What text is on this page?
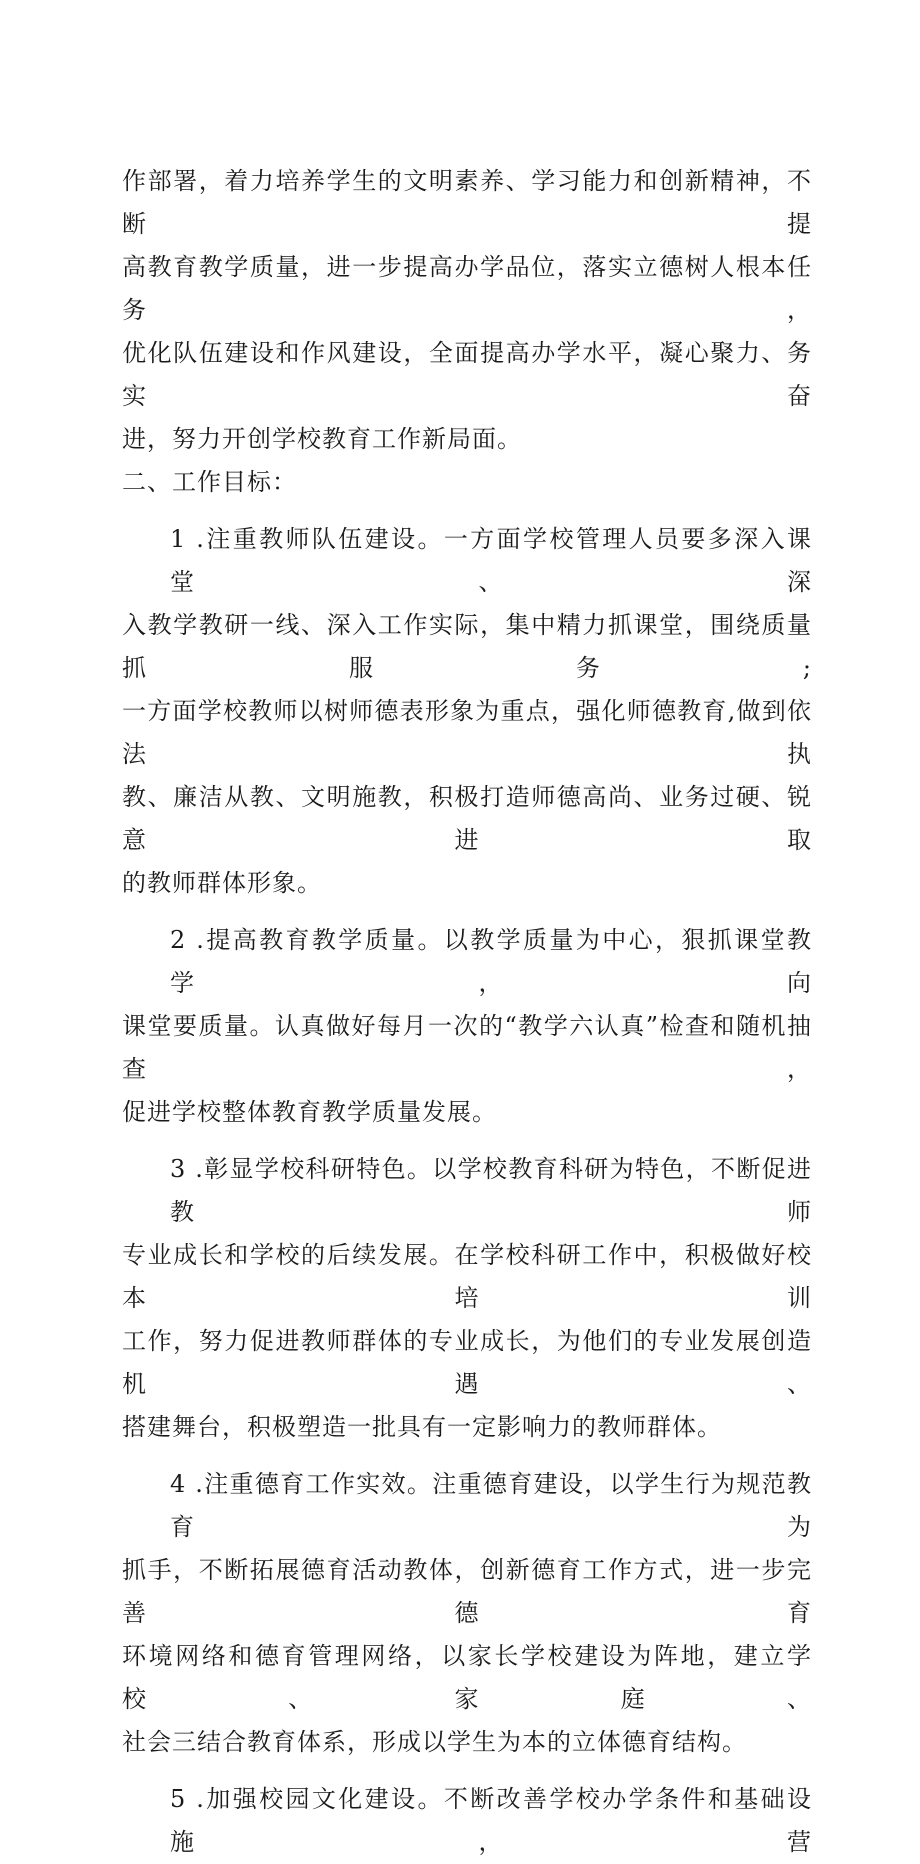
作部署，着力培养学生的文明素养、学习能力和创新精神，不断提
高教育教学质量，进一步提高办学品位，落实立德树人根本任务，
优化队伍建设和作风建设，全面提高办学水平，凝心聚力、务实奋
进，努力开创学校教育工作新局面。

二、工作目标：

1 .注重教师队伍建设。一方面学校管理人员要多深入课堂、深
入教学教研一线、深入工作实际，集中精力抓课堂，围绕质量抓服务;
一方面学校教师以树师德表形象为重点，强化师德教育,做到依法执
教、廉洁从教、文明施教，积极打造师德高尚、业务过硬、锐意进取
的教师群体形象。

2 .提高教育教学质量。以教学质量为中心，狠抓课堂教学，向
课堂要质量。认真做好每月一次的“教学六认真”检查和随机抽查，
促进学校整体教育教学质量发展。

3 .彰显学校科研特色。以学校教育科研为特色，不断促进教师
专业成长和学校的后续发展。在学校科研工作中，积极做好校本培训
工作，努力促进教师群体的专业成长，为他们的专业发展创造机遇、
搭建舞台，积极塑造一批具有一定影响力的教师群体。

4 .注重德育工作实效。注重德育建设，以学生行为规范教育为
抓手，不断拓展德育活动教体，创新德育工作方式，进一步完善德育
环境网络和德育管理网络，以家长学校建设为阵地，建立学校、家庭、
社会三结合教育体系，形成以学生为本的立体德育结构。

5 .加强校园文化建设。不断改善学校办学条件和基础设施，营
